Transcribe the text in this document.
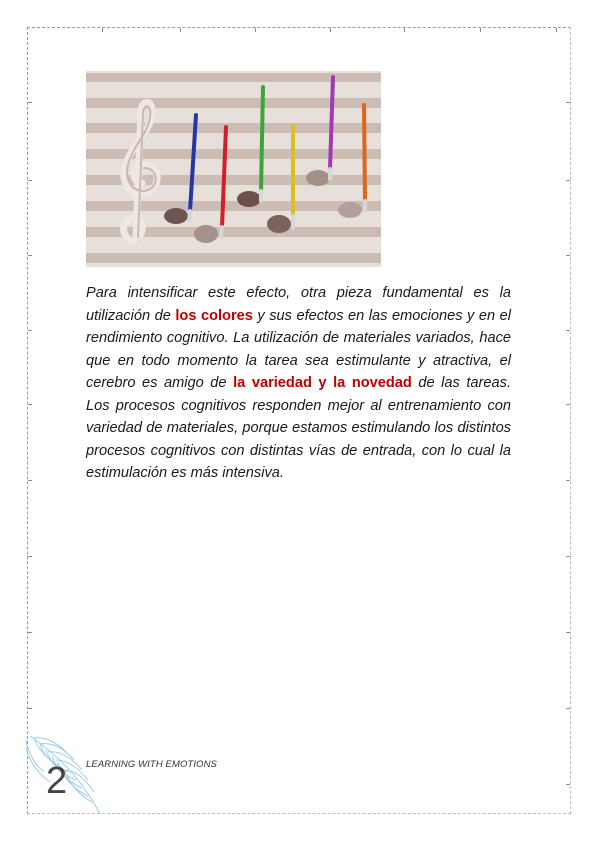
Para intensificar este efecto, otra pieza fundamental es la utilización de los colores y sus efectos en las emociones y en el rendimiento cognitivo. La utilización de materiales variados, hace que en todo momento la tarea sea estimulante y atractiva, el cerebro es amigo de la variedad y la novedad de las tareas. Los procesos cognitivos responden mejor al entrenamiento con variedad de materiales, porque estamos estimulando los distintos procesos cognitivos con distintas vías de entrada, con lo cual la estimulación es más intensiva.

2 LEARNING WITH EMOTIONS
